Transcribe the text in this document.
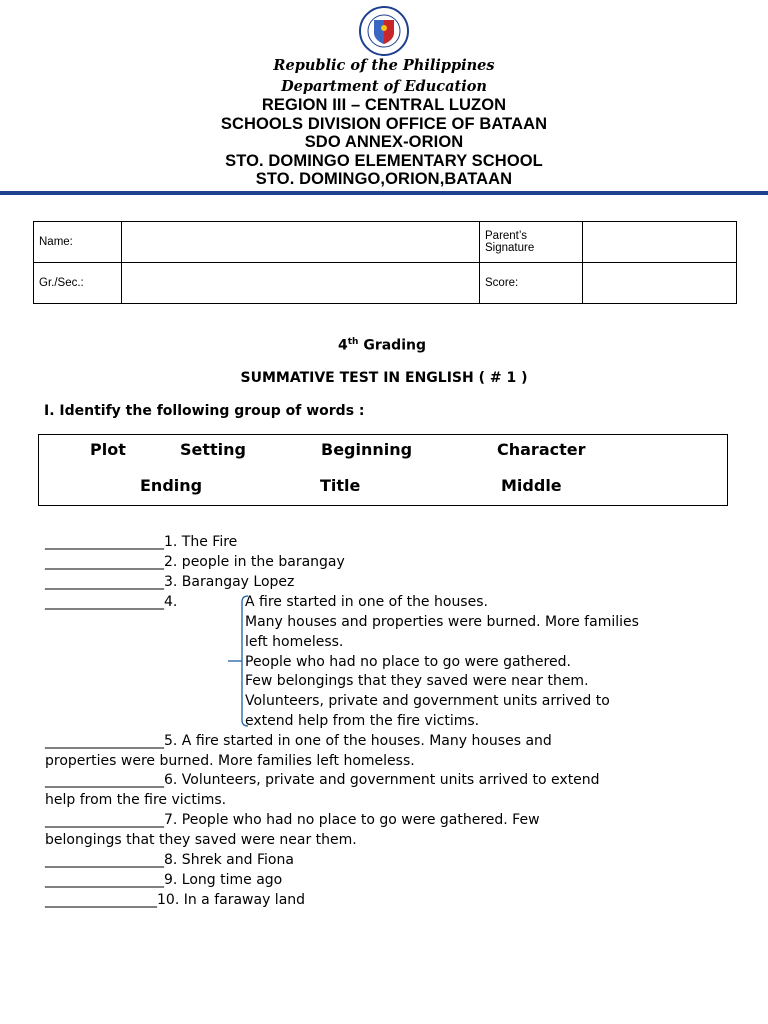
Republic of the Philippines
Department of Education
REGION III – CENTRAL LUZON
SCHOOLS DIVISION OFFICE OF BATAAN
SDO ANNEX-ORION
STO. DOMINGO ELEMENTARY SCHOOL
STO. DOMINGO,ORION,BATAAN
Name:		Parent’s
Signature	

Gr./Sec.:		Score:	
4th Grading
SUMMATIVE TEST IN ENGLISH ( # 1 )
I. Identify the following group of words :
Plot	Setting	Beginning	Character
Ending	Title	Middle
_________________1. The Fire
_________________2. people in the barangay
_________________3. Barangay Lopez
_________________4.	A fire started in one of the houses.
Many houses and properties were burned. More families
left homeless.
People who had no place to go were gathered.
Few belongings that they saved were near them.
Volunteers, private and government units arrived to
extend help from the fire victims.
_________________5. A fire started in one of the houses. Many houses and
properties were burned. More families left homeless.
_________________6. Volunteers, private and government units arrived to extend
help from the fire victims.
_________________7. People who had no place to go were gathered. Few
belongings that they saved were near them.
_________________8. Shrek and Fiona
_________________9. Long time ago
________________10. In a faraway land
